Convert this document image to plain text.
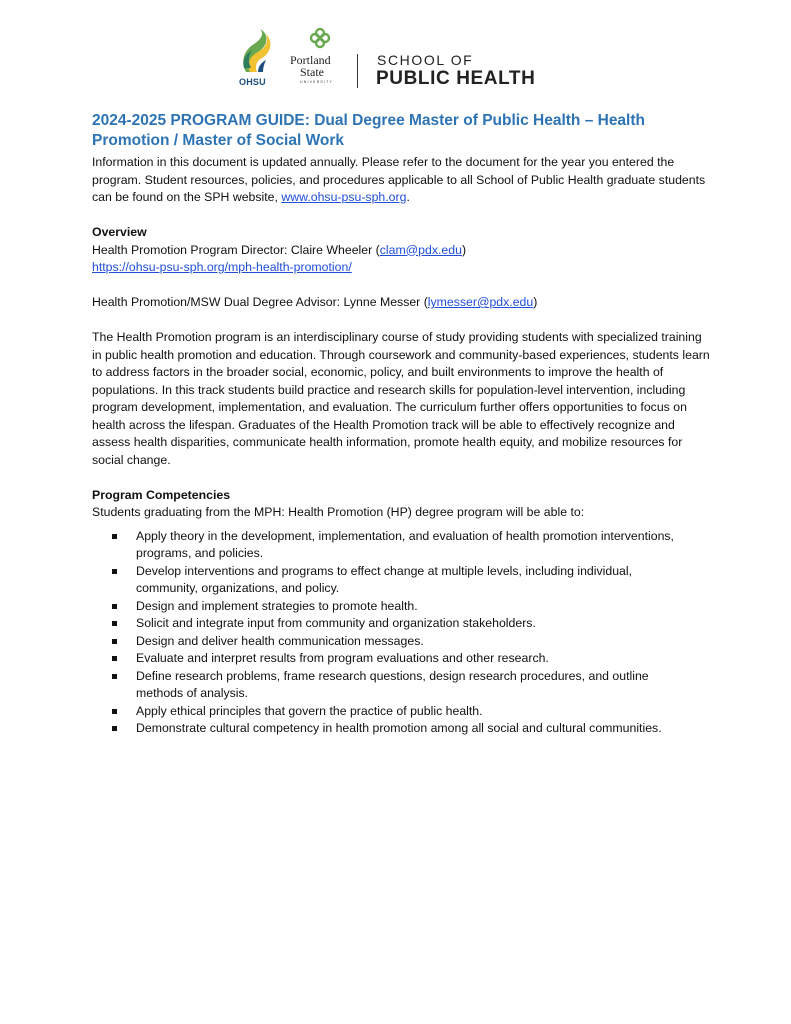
OHSU
Portland
State
UNIVERSITY
SCHOOL OF
PUBLIC HEALTH
2024-2025 PROGRAM GUIDE: Dual Degree Master of Public Health – Health Promotion / Master of Social Work

Information in this document is updated annually. Please refer to the document for the year you entered the program. Student resources, policies, and procedures applicable to all School of Public Health graduate students can be found on the SPH website, www.ohsu-psu-sph.org.

Overview

Health Promotion Program Director: Claire Wheeler (clam@pdx.edu)

https://ohsu-psu-sph.org/mph-health-promotion/

Health Promotion/MSW Dual Degree Advisor: Lynne Messer (lymesser@pdx.edu)

The Health Promotion program is an interdisciplinary course of study providing students with specialized training in public health promotion and education. Through coursework and community-based experiences, students learn to address factors in the broader social, economic, policy, and built environments to improve the health of populations. In this track students build practice and research skills for population-level intervention, including program development, implementation, and evaluation. The curriculum further offers opportunities to focus on health across the lifespan. Graduates of the Health Promotion track will be able to effectively recognize and assess health disparities, communicate health information, promote health equity, and mobilize resources for social change.

Program Competencies

Students graduating from the MPH: Health Promotion (HP) degree program will be able to:

Apply theory in the development, implementation, and evaluation of health promotion interventions, programs, and policies.
Develop interventions and programs to effect change at multiple levels, including individual, community, organizations, and policy.
Design and implement strategies to promote health.
Solicit and integrate input from community and organization stakeholders.
Design and deliver health communication messages.
Evaluate and interpret results from program evaluations and other research.
Define research problems, frame research questions, design research procedures, and outline methods of analysis.
Apply ethical principles that govern the practice of public health.
Demonstrate cultural competency in health promotion among all social and cultural communities.
